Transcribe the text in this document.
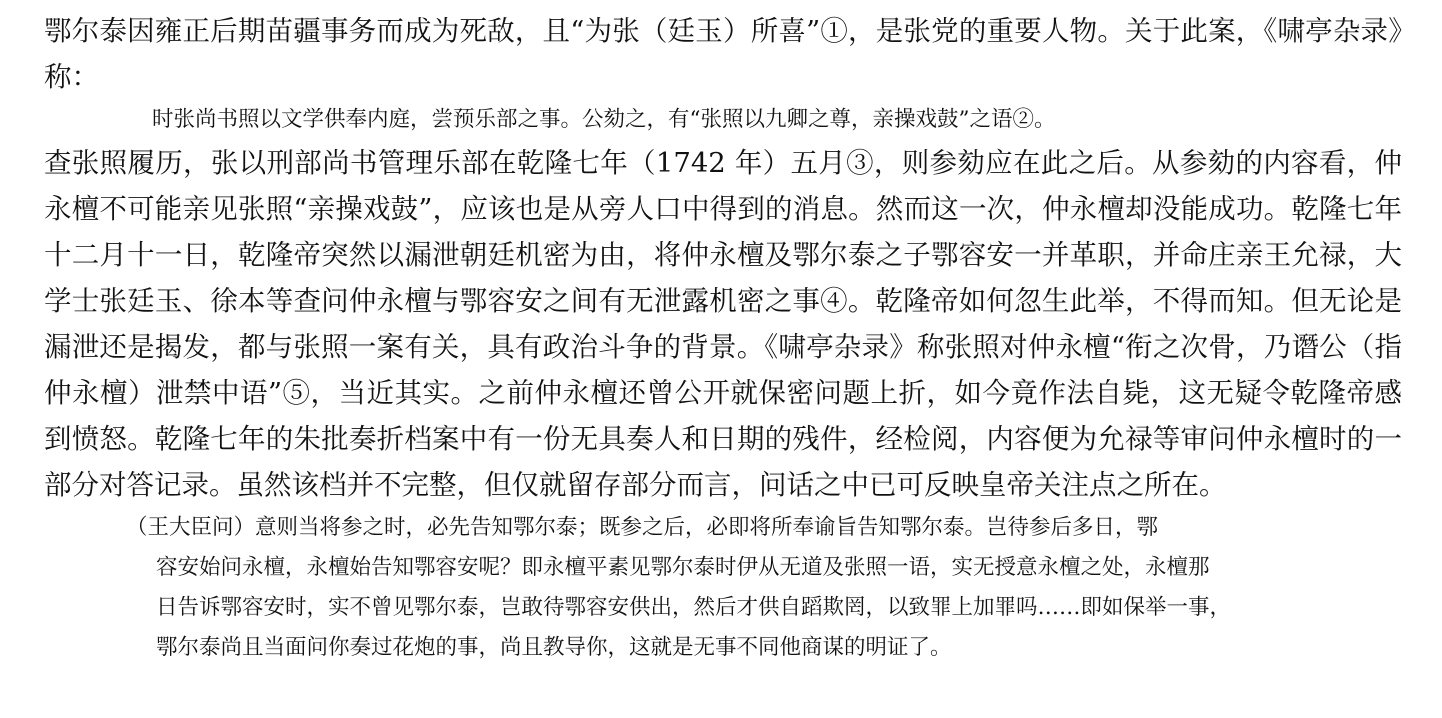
鄂尔泰因雍正后期苗疆事务而成为死敌，且“为张（廷玉）所喜”①，是张党的重要人物。关于此案，《啸亭杂录》称：

时张尚书照以文学供奉内庭，尝预乐部之事。公劾之，有“张照以九卿之尊，亲操戏鼓”之语②。

查张照履历，张以刑部尚书管理乐部在乾隆七年（1742 年）五月③，则参劾应在此之后。从参劾的内容看，仲永檀不可能亲见张照“亲操戏鼓”，应该也是从旁人口中得到的消息。然而这一次，仲永檀却没能成功。乾隆七年十二月十一日，乾隆帝突然以漏泄朝廷机密为由，将仲永檀及鄂尔泰之子鄂容安一并革职，并命庄亲王允禄，大学士张廷玉、徐本等查问仲永檀与鄂容安之间有无泄露机密之事④。乾隆帝如何忽生此举，不得而知。但无论是漏泄还是揭发，都与张照一案有关，具有政治斗争的背景。《啸亭杂录》称张照对仲永檀“衔之次骨，乃谮公（指仲永檀）泄禁中语”⑤，当近其实。之前仲永檀还曾公开就保密问题上折，如今竟作法自毙，这无疑令乾隆帝感到愤怒。乾隆七年的朱批奏折档案中有一份无具奏人和日期的残件，经检阅，内容便为允禄等审问仲永檀时的一部分对答记录。虽然该档并不完整，但仅就留存部分而言，问话之中已可反映皇帝关注点之所在。

（王大臣问）意则当将参之时，必先告知鄂尔泰；既参之后，必即将所奉谕旨告知鄂尔泰。岂待参后多日，鄂

容安始问永檀，永檀始告知鄂容安呢？即永檀平素见鄂尔泰时伊从无道及张照一语，实无授意永檀之处，永檀那

日告诉鄂容安时，实不曾见鄂尔泰，岂敢待鄂容安供出，然后才供自蹈欺罔，以致罪上加罪吗……即如保举一事，

鄂尔泰尚且当面问你奏过花炮的事，尚且教导你，这就是无事不同他商谋的明证了。
